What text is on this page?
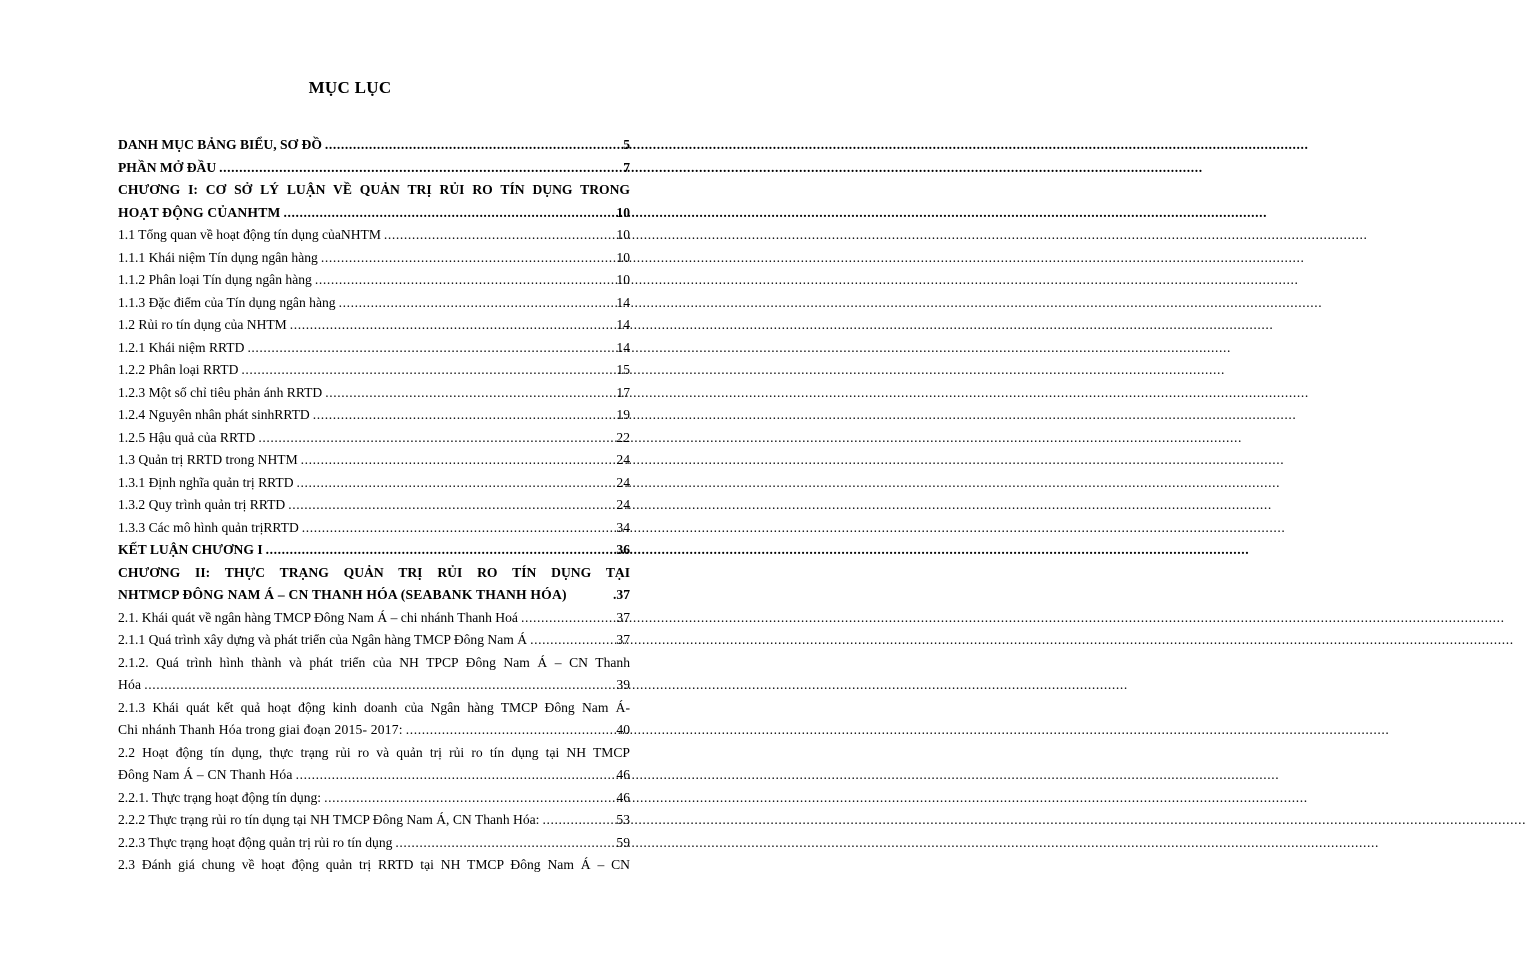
MỤC LỤC
DANH MỤC BẢNG BIỂU, SƠ ĐỒ .....	5
PHẦN MỞ ĐẦU .....	7
CHƯƠNG I: CƠ SỞ LÝ LUẬN VỀ QUẢN TRỊ RỦI RO TÍN DỤNG TRONG
HOẠT ĐỘNG CỦANHTM .....	10
1.1 Tổng quan về hoạt động tín dụng củaNHTM .....	10
1.1.1 Khái niệm Tín dụng ngân hàng .....	10
1.1.2 Phân loại Tín dụng ngân hàng .....	10
1.1.3 Đặc điểm của Tín dụng ngân hàng .....	14
1.2 Rủi ro tín dụng của NHTM .....	14
1.2.1 Khái niệm RRTD .....	14
1.2.2 Phân loại RRTD .....	15
1.2.3 Một số chỉ tiêu phản ánh RRTD .....	17
1.2.4 Nguyên nhân phát sinhRRTD .....	19
1.2.5 Hậu quả của RRTD .....	22
1.3 Quản trị RRTD trong NHTM .....	24
1.3.1 Định nghĩa quản trị RRTD .....	24
1.3.2 Quy trình quản trị RRTD .....	24
1.3.3 Các mô hình quản trịRRTD .....	34
KẾT LUẬN CHƯƠNG I .....	36
CHƯƠNG II: THỰC TRẠNG QUẢN TRỊ RỦI RO TÍN DỤNG TẠI
NHTMCP ĐÔNG NAM Á – CN THANH HÓA (SEABANK THANH HÓA)	.37
2.1. Khái quát về ngân hàng TMCP Đông Nam Á – chi nhánh Thanh Hoá .....	37
2.1.1 Quá trình xây dựng và phát triển của Ngân hàng TMCP Đông Nam Á .....	37
2.1.2. Quá trình hình thành và phát triển của NH TPCP Đông Nam Á – CN Thanh
Hóa .....	39
2.1.3 Khái quát kết quả hoạt động kinh doanh của Ngân hàng TMCP Đông Nam Á-
Chi nhánh Thanh Hóa trong giai đoạn 2015- 2017: .....	40
2.2 Hoạt động tín dụng, thực trạng rủi ro và quản trị rủi ro tín dụng tại NH TMCP
Đông Nam Á – CN Thanh Hóa .....	46
2.2.1. Thực trạng hoạt động tín dụng: .....	46
2.2.2 Thực trạng rủi ro tín dụng tại NH TMCP Đông Nam Á, CN Thanh Hóa: .....	53
2.2.3 Thực trạng hoạt động quản trị rủi ro tín dụng .....	59
2.3 Đánh giá chung về hoạt động quản trị RRTD tại NH TMCP Đông Nam Á – CN
